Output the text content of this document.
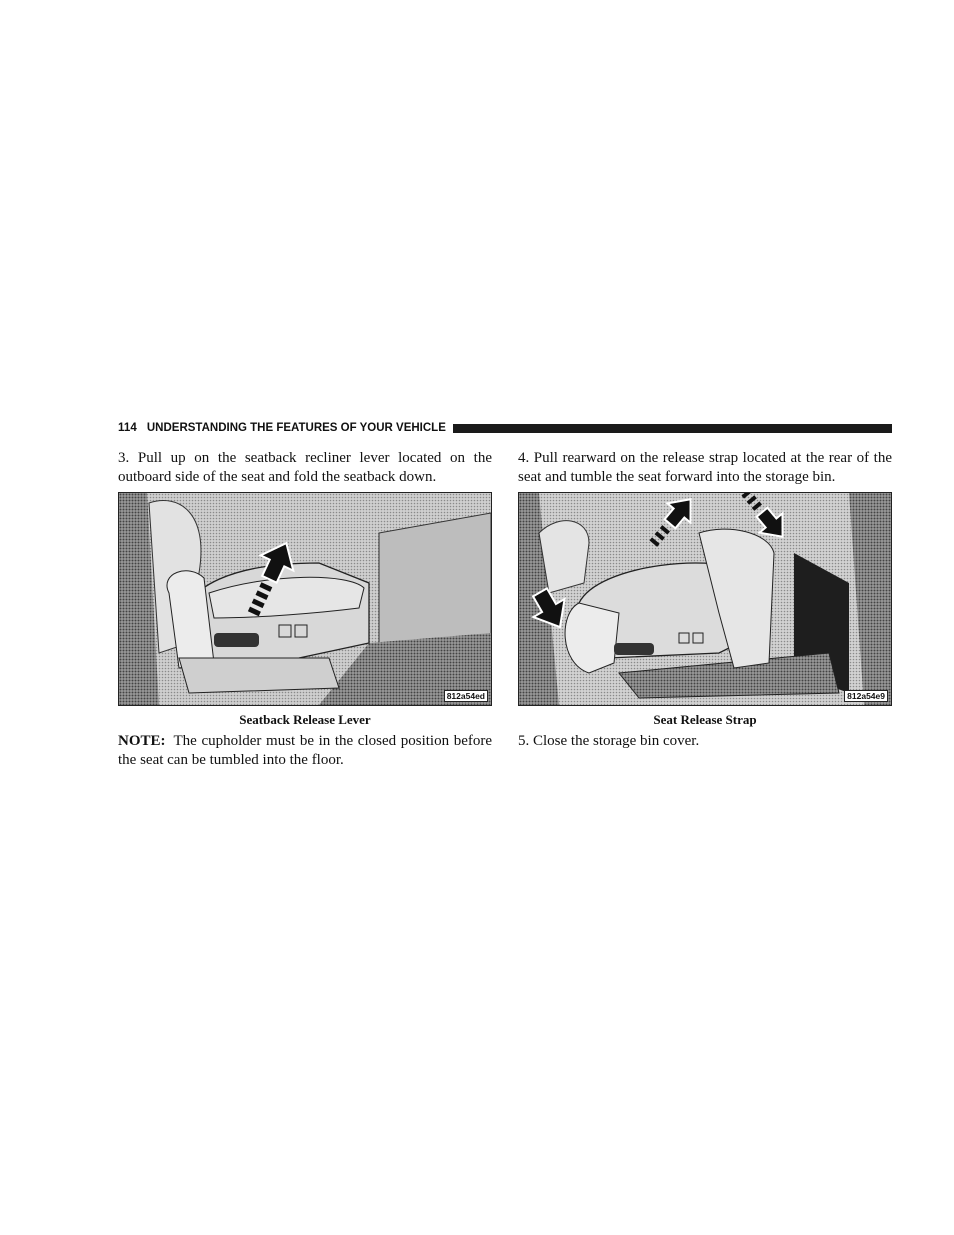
114 UNDERSTANDING THE FEATURES OF YOUR VEHICLE

3. Pull up on the seatback recliner lever located on the outboard side of the seat and fold the seatback down.

812a54ed
Seatback Release Lever

NOTE: The cupholder must be in the closed position before the seat can be tumbled into the floor.

4. Pull rearward on the release strap located at the rear of the seat and tumble the seat forward into the storage bin.

812a54e9
Seat Release Strap

5. Close the storage bin cover.
